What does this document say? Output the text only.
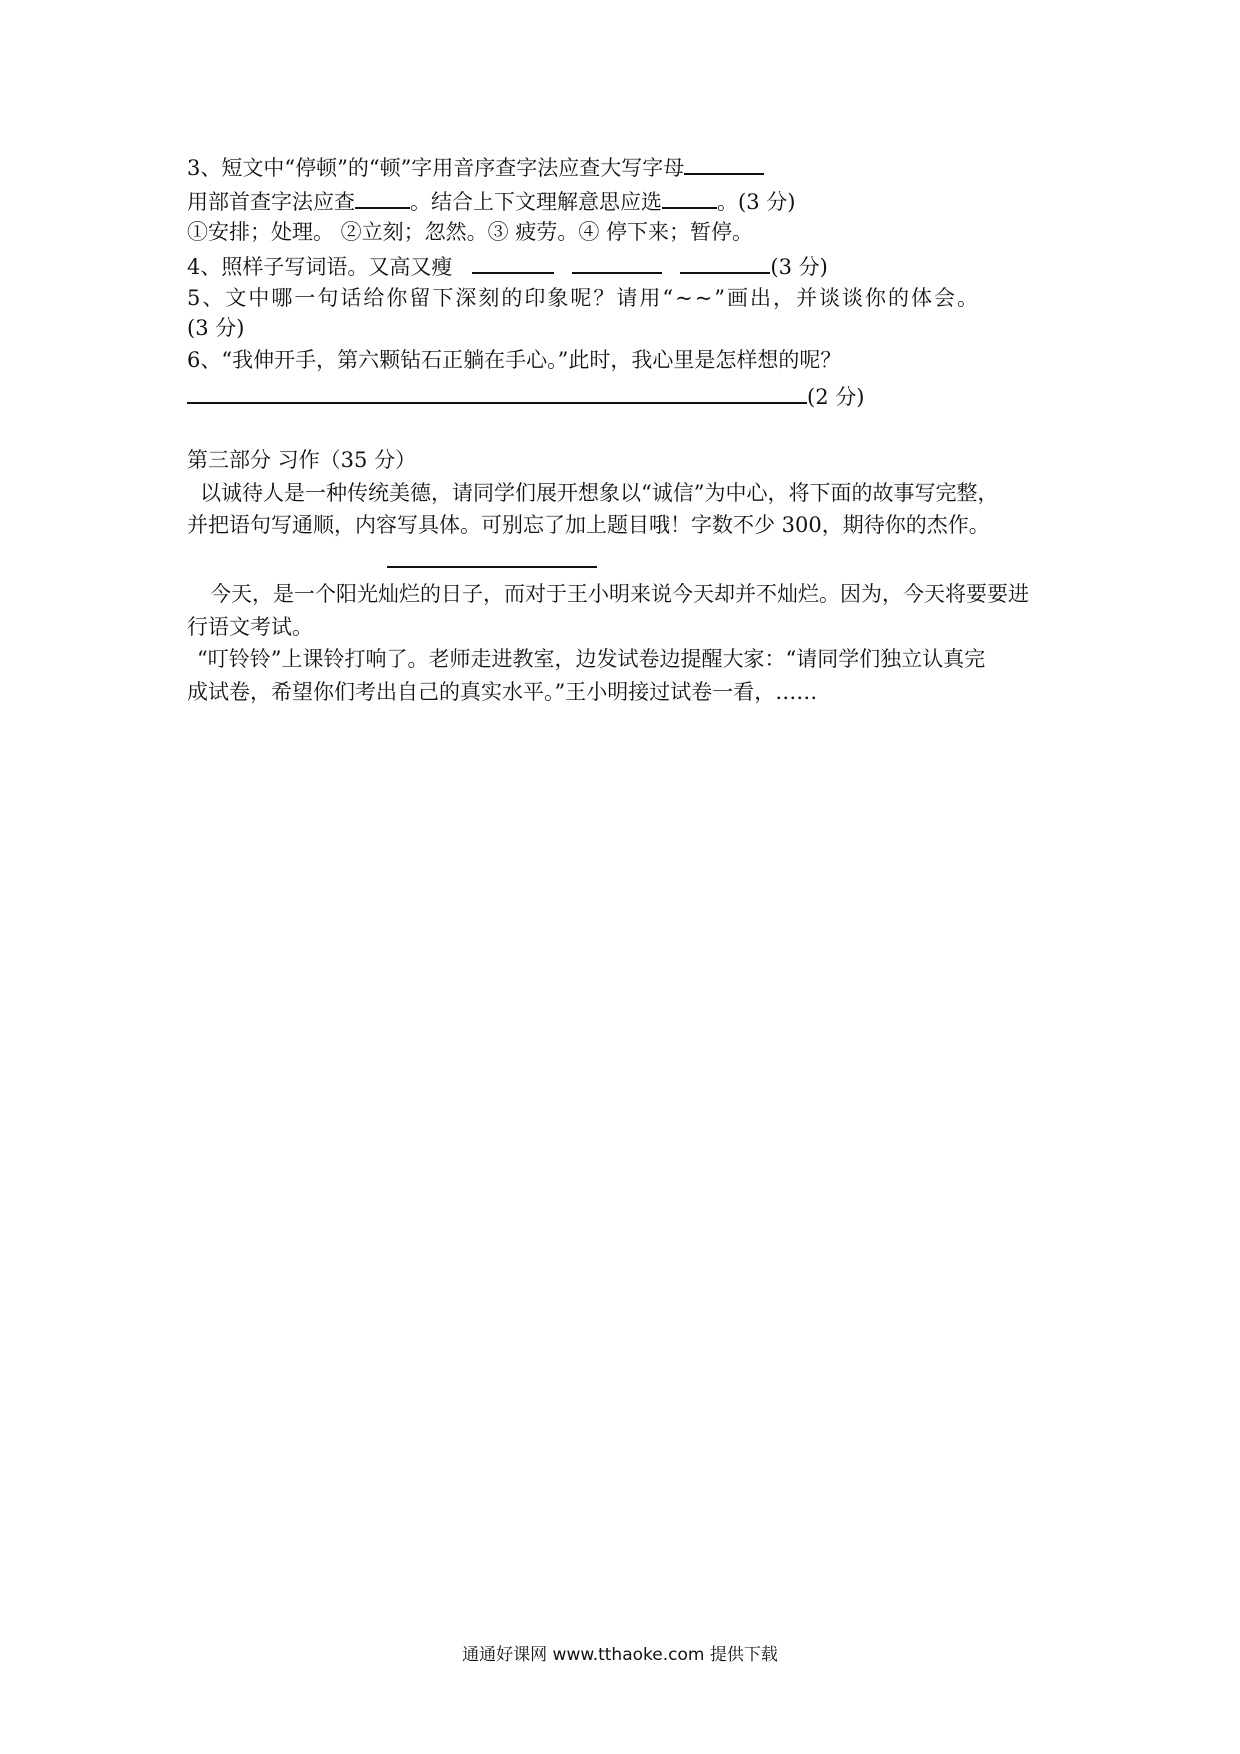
3、短文中“停顿”的“顿”字用音序查字法应查大写字母
用部首查字法应查	。结合上下文理解意思应选	。(3 分)
①安排；处理。 ②立刻；忽然。③ 疲劳。④ 停下来；暂停。
4、照样子写词语。又高又瘦	(3 分)
5、文中哪一句话给你留下深刻的印象呢？请用“~~”画出，并谈谈你的体会。
(3 分)
6、“我伸开手，第六颗钻石正躺在手心。”此时，我心里是怎样想的呢？
(2 分)
第三部分 习作（35 分）
以诚待人是一种传统美德，请同学们展开想象以“诚信”为中心，将下面的故事写完整，
并把语句写通顺，内容写具体。可别忘了加上题目哦！字数不少 300，期待你的杰作。
今天，是一个阳光灿烂的日子，而对于王小明来说今天却并不灿烂。因为，今天将要要进
行语文考试。
“叮铃铃”上课铃打响了。老师走进教室，边发试卷边提醒大家：“请同学们独立认真完
成试卷，希望你们考出自己的真实水平。”王小明接过试卷一看，……
通通好课网 www.tthaoke.com 提供下载
